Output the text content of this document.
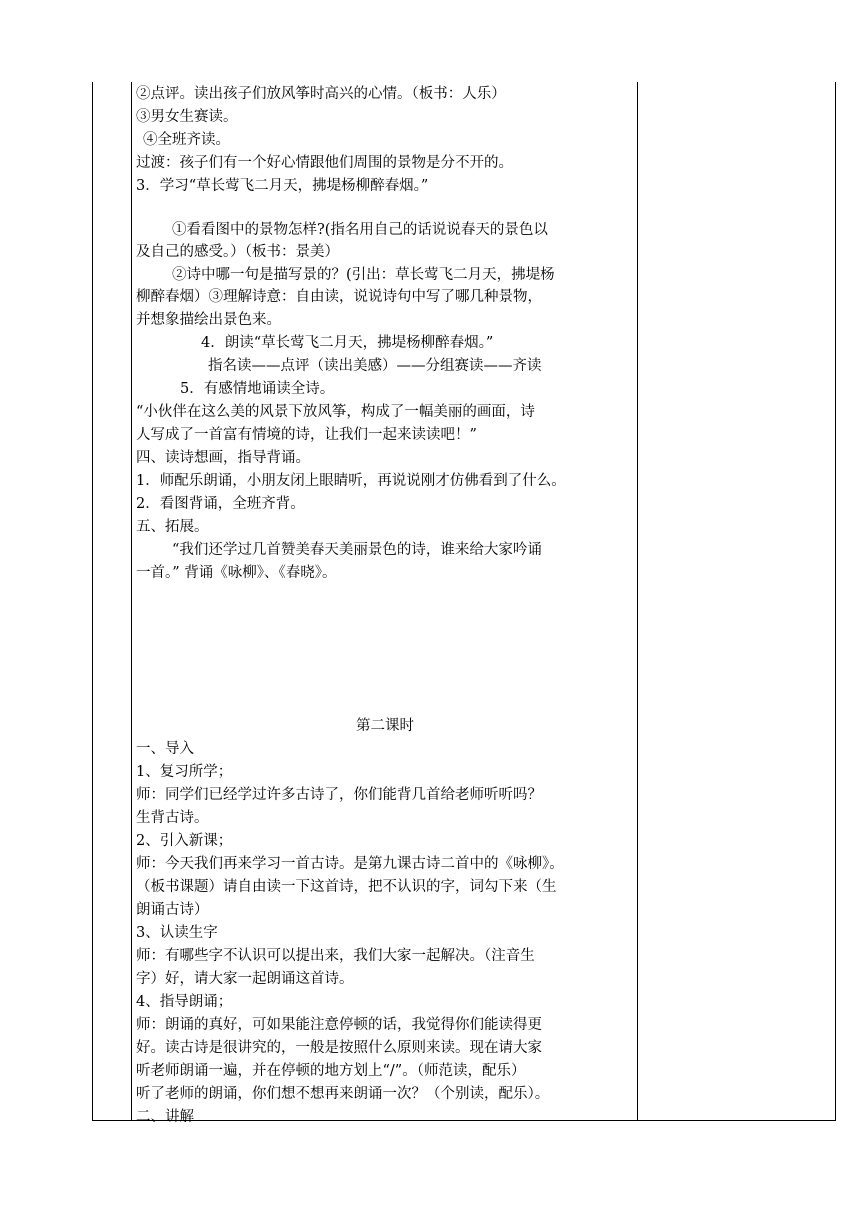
②点评。读出孩子们放风筝时高兴的心情。（板书：人乐）
③男女生赛读。
④全班齐读。
过渡：孩子们有一个好心情跟他们周围的景物是分不开的。
3．学习“草长莺飞二月天，拂堤杨柳醉春烟。”
①看看图中的景物怎样?(指名用自己的话说说春天的景色以
及自己的感受。）（板书：景美）
②诗中哪一句是描写景的？(引出：草长莺飞二月天，拂堤杨
柳醉春烟）③理解诗意：自由读，说说诗句中写了哪几种景物，
并想象描绘出景色来。
4．朗读“草长莺飞二月天，拂堤杨柳醉春烟。”
指名读——点评（读出美感）——分组赛读——齐读
5．有感情地诵读全诗。
“小伙伴在这么美的风景下放风筝，构成了一幅美丽的画面，诗
人写成了一首富有情境的诗，让我们一起来读读吧！”
四、读诗想画，指导背诵。
1．师配乐朗诵，小朋友闭上眼睛听，再说说刚才仿佛看到了什么。
2．看图背诵，全班齐背。
五、拓展。
“我们还学过几首赞美春天美丽景色的诗，谁来给大家吟诵
一首。” 背诵《咏柳》、《春晓》。
第二课时
一、导入
1、复习所学；
师：同学们已经学过许多古诗了，你们能背几首给老师听听吗？
生背古诗。
2、引入新课；
师：今天我们再来学习一首古诗。是第九课古诗二首中的《咏柳》。
（板书课题）请自由读一下这首诗，把不认识的字，词勾下来（生
朗诵古诗）
3、认读生字
师：有哪些字不认识可以提出来，我们大家一起解决。（注音生
字）好，请大家一起朗诵这首诗。
4、指导朗诵；
师：朗诵的真好，可如果能注意停顿的话，我觉得你们能读得更
好。读古诗是很讲究的，一般是按照什么原则来读。现在请大家
听老师朗诵一遍，并在停顿的地方划上“/”。（师范读，配乐）
听了老师的朗诵，你们想不想再来朗诵一次？（个别读，配乐）。
二、讲解
